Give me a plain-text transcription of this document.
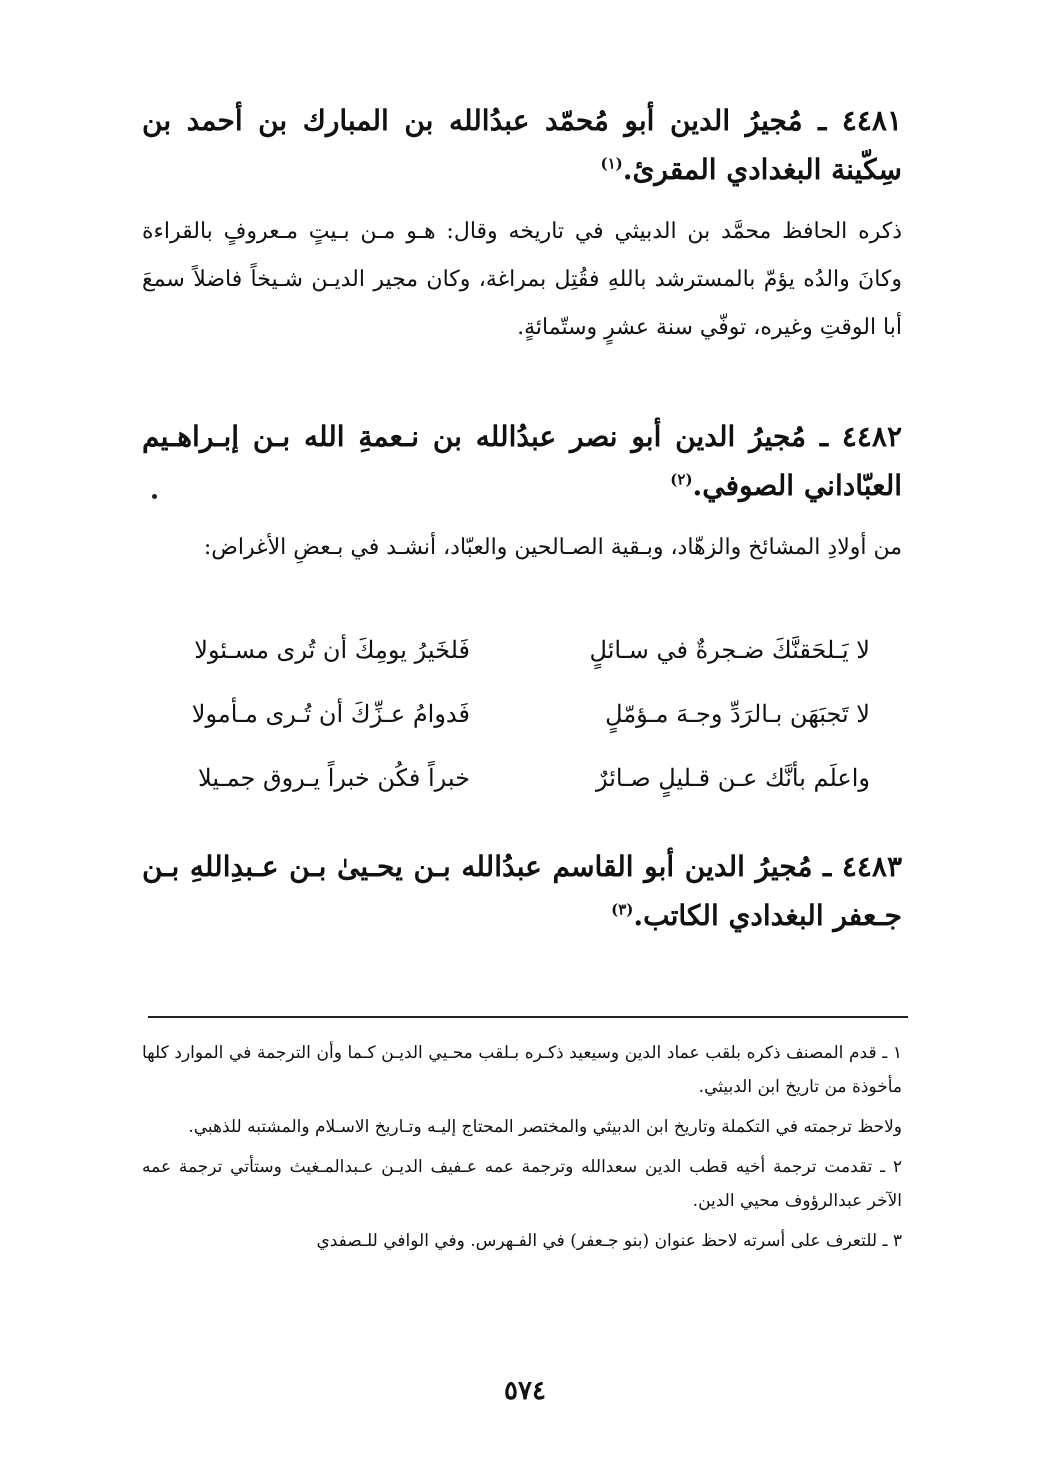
٤٤٨١ ـ مُجيرُ الدين أبو مُحمّد عبدُالله بن المبارك بن أحمد بن سِكّينة البغدادي المقرئ.$^{(١)}$

ذكره الحافظ محمَّد بن الدبيثي في تاريخه وقال: هـو مـن بـيتٍ مـعروفٍ بالقراءة وكانَ والدُه يؤمّ بالمسترشد باللهِ فقُتِل بمراغة، وكان مجير الديـن شـيخاً فاضلاً سمعَ أبا الوقتِ وغيره، توفّي سنة عشرٍ وستّمائةٍ.

٤٤٨٢ ـ مُجيرُ الدين أبو نصر عبدُالله بن نـعمةِ الله بـن إبـراهـيم العبّاداني الصوفي.$^{(٢)}$

من أولادِ المشائخ والزهّاد، وبـقية الصـالحين والعبّاد، أنشـد في بـعضِ الأغراض:

لا يَـلحَقنَّكَ ضـجرةٌ في سـائلٍ
فَلخَيرُ يومِكَ أن تُرى مسـئولا
لا تَجبَهَن بـالرَدِّ وجـهَ مـؤمّلٍ
فَدوامُ عـزِّكَ أن تُـرى مـأمولا
واعلَم بأنَّك عـن قـليلٍ صـائرٌ
خبراً فكُن خبراً يـروق جمـيلا

٤٤٨٣ ـ مُجيرُ الدين أبو القاسم عبدُالله بـن يحـيىٰ بـن عـبدِاللهِ بـن جـعفر البغدادي الكاتب.$^{(٣)}$

١ ـ قدم المصنف ذكره بلقب عماد الدين وسيعيد ذكـره بـلقب محـيي الديـن كـما وأن الترجمة في الموارد كلها مأخوذة من تاريخ ابن الدبيثي.

ولاحظ ترجمته في التكملة وتاريخ ابن الدبيثي والمختصر المحتاج إليـه وتـاريخ الاسـلام والمشتبه للذهبي.

٢ ـ تقدمت ترجمة أخيه قطب الدين سعدالله وترجمة عمه عـفيف الديـن عـبدالمـغيث وستأتي ترجمة عمه الآخر عبدالرؤوف محيي الدين.

٣ ـ للتعرف على أسرته لاحظ عنوان (بنو جـعفر) في الفـهرس. وفي الوافي للـصفدي

٥٧٤
